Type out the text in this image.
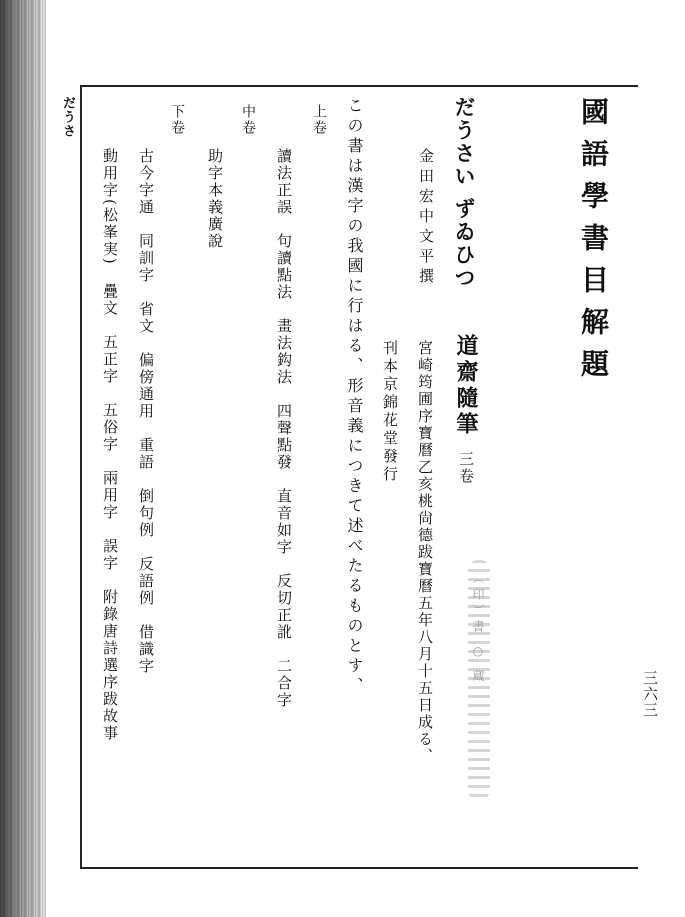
國語學書目解題
だうさい ずゐひつ
道齋隨筆
三卷
金田宏中文平撰
宮崎筠圃序寶曆乙亥桃尙德跋寶曆五年八月十五日成る、
刊本京錦花堂發行
この書は漢字の我國に行はる、形音義につきて述べたるものとす、
上卷
讀法正誤　句讀點法　畫法鈎法　四聲點發　直音如字　反切正訛　二合字
中卷
助字本義廣說
下卷
古今字通　同訓字　省文　偏傍通用　重語　倒句例　反語例　借識字
動用字(松峯実)　疊文　五正字　五俗字　兩用字　誤字　附錄唐詩選序跋故事
だうさ
三六三
（印）書 ○ 蔵
